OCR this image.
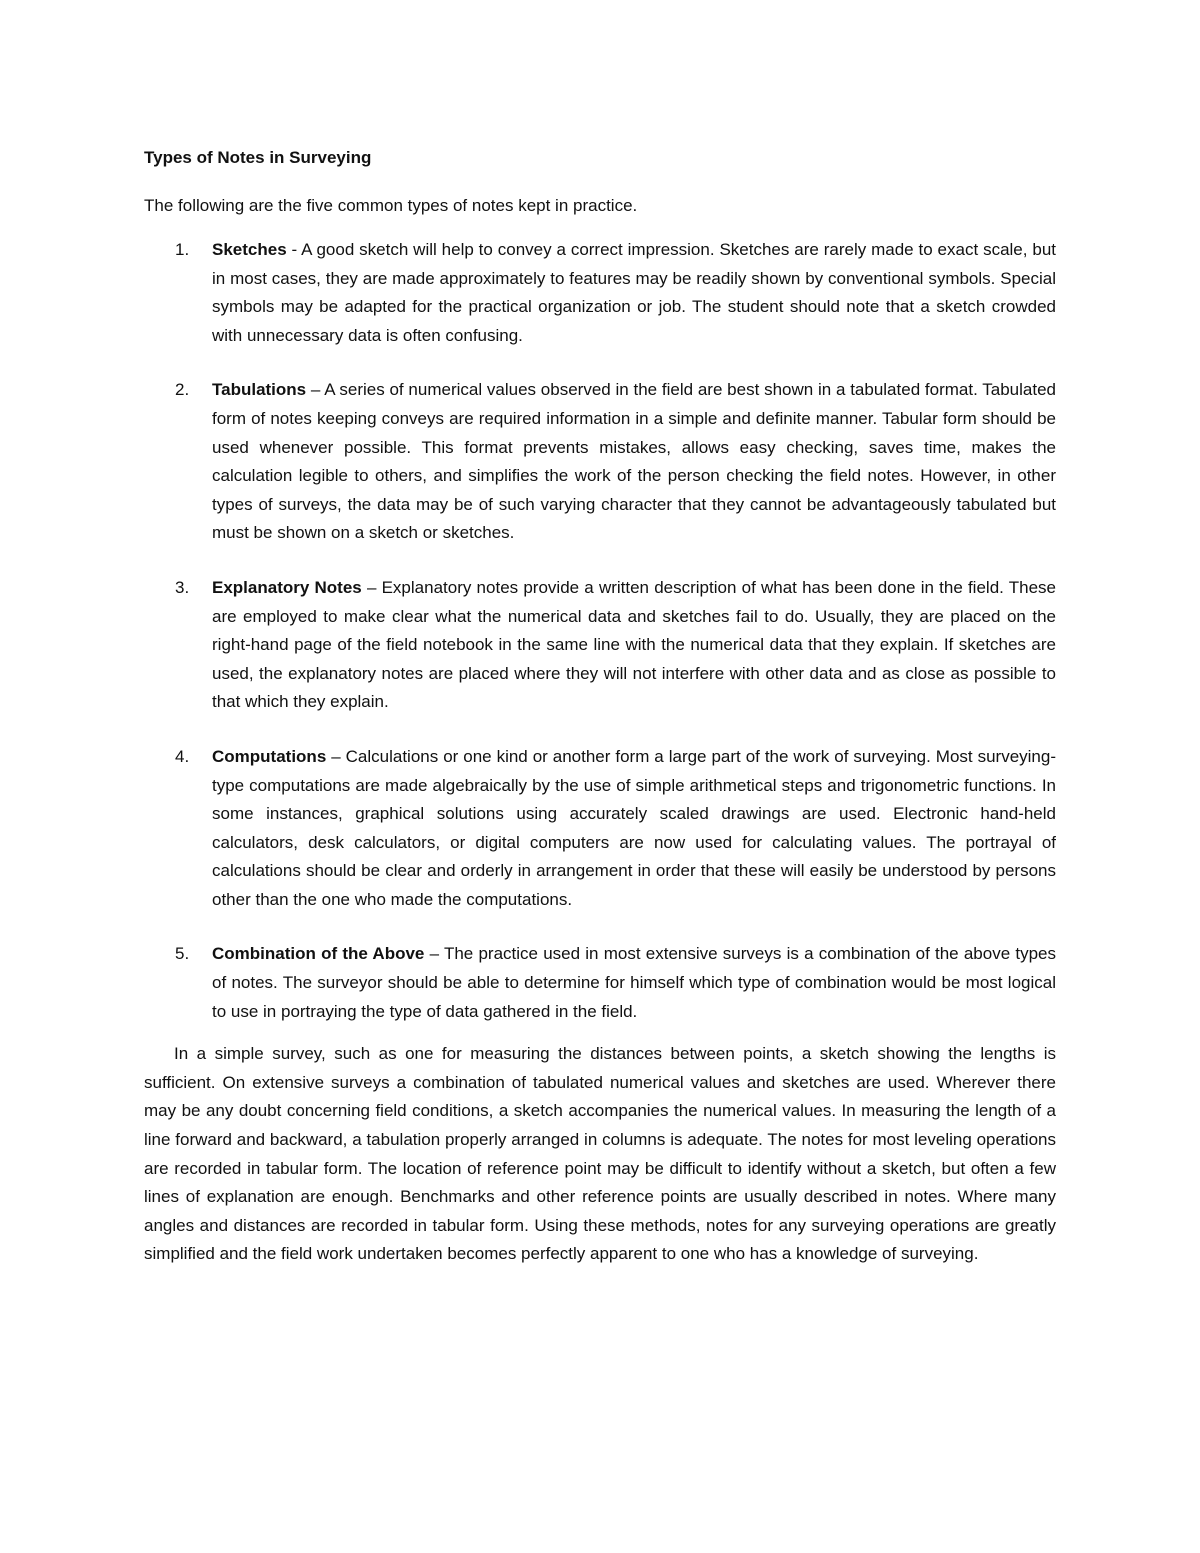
Types of Notes in Surveying

The following are the five common types of notes kept in practice.

1. Sketches - A good sketch will help to convey a correct impression. Sketches are rarely made to exact scale, but in most cases, they are made approximately to features may be readily shown by conventional symbols. Special symbols may be adapted for the practical organization or job. The student should note that a sketch crowded with unnecessary data is often confusing.
2. Tabulations – A series of numerical values observed in the field are best shown in a tabulated format. Tabulated form of notes keeping conveys are required information in a simple and definite manner. Tabular form should be used whenever possible. This format prevents mistakes, allows easy checking, saves time, makes the calculation legible to others, and simplifies the work of the person checking the field notes. However, in other types of surveys, the data may be of such varying character that they cannot be advantageously tabulated but must be shown on a sketch or sketches.
3. Explanatory Notes – Explanatory notes provide a written description of what has been done in the field. These are employed to make clear what the numerical data and sketches fail to do. Usually, they are placed on the right-hand page of the field notebook in the same line with the numerical data that they explain. If sketches are used, the explanatory notes are placed where they will not interfere with other data and as close as possible to that which they explain.
4. Computations – Calculations or one kind or another form a large part of the work of surveying. Most surveying-type computations are made algebraically by the use of simple arithmetical steps and trigonometric functions. In some instances, graphical solutions using accurately scaled drawings are used. Electronic hand-held calculators, desk calculators, or digital computers are now used for calculating values. The portrayal of calculations should be clear and orderly in arrangement in order that these will easily be understood by persons other than the one who made the computations.
5. Combination of the Above – The practice used in most extensive surveys is a combination of the above types of notes. The surveyor should be able to determine for himself which type of combination would be most logical to use in portraying the type of data gathered in the field.

In a simple survey, such as one for measuring the distances between points, a sketch showing the lengths is sufficient. On extensive surveys a combination of tabulated numerical values and sketches are used. Wherever there may be any doubt concerning field conditions, a sketch accompanies the numerical values. In measuring the length of a line forward and backward, a tabulation properly arranged in columns is adequate. The notes for most leveling operations are recorded in tabular form. The location of reference point may be difficult to identify without a sketch, but often a few lines of explanation are enough. Benchmarks and other reference points are usually described in notes. Where many angles and distances are recorded in tabular form. Using these methods, notes for any surveying operations are greatly simplified and the field work undertaken becomes perfectly apparent to one who has a knowledge of surveying.
